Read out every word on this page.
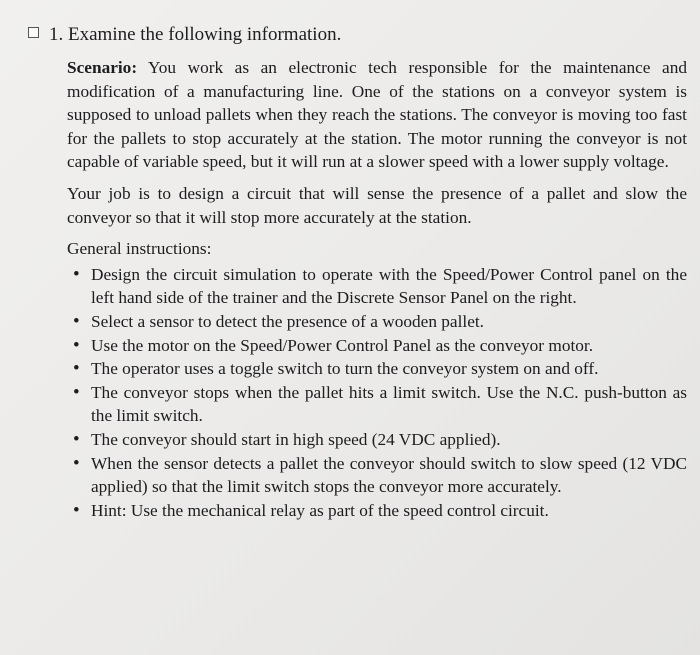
1. Examine the following information.

Scenario: You work as an electronic tech responsible for the maintenance and modification of a manufacturing line. One of the stations on a conveyor system is supposed to unload pallets when they reach the stations. The conveyor is moving too fast for the pallets to stop accurately at the station. The motor running the conveyor is not capable of variable speed, but it will run at a slower speed with a lower supply voltage.

Your job is to design a circuit that will sense the presence of a pallet and slow the conveyor so that it will stop more accurately at the station.

General instructions:

• Design the circuit simulation to operate with the Speed/Power Control panel on the left hand side of the trainer and the Discrete Sensor Panel on the right.
• Select a sensor to detect the presence of a wooden pallet.
• Use the motor on the Speed/Power Control Panel as the conveyor motor.
• The operator uses a toggle switch to turn the conveyor system on and off.
• The conveyor stops when the pallet hits a limit switch. Use the N.C. push-button as the limit switch.
• The conveyor should start in high speed (24 VDC applied).
• When the sensor detects a pallet the conveyor should switch to slow speed (12 VDC applied) so that the limit switch stops the conveyor more accurately.
• Hint: Use the mechanical relay as part of the speed control circuit.
